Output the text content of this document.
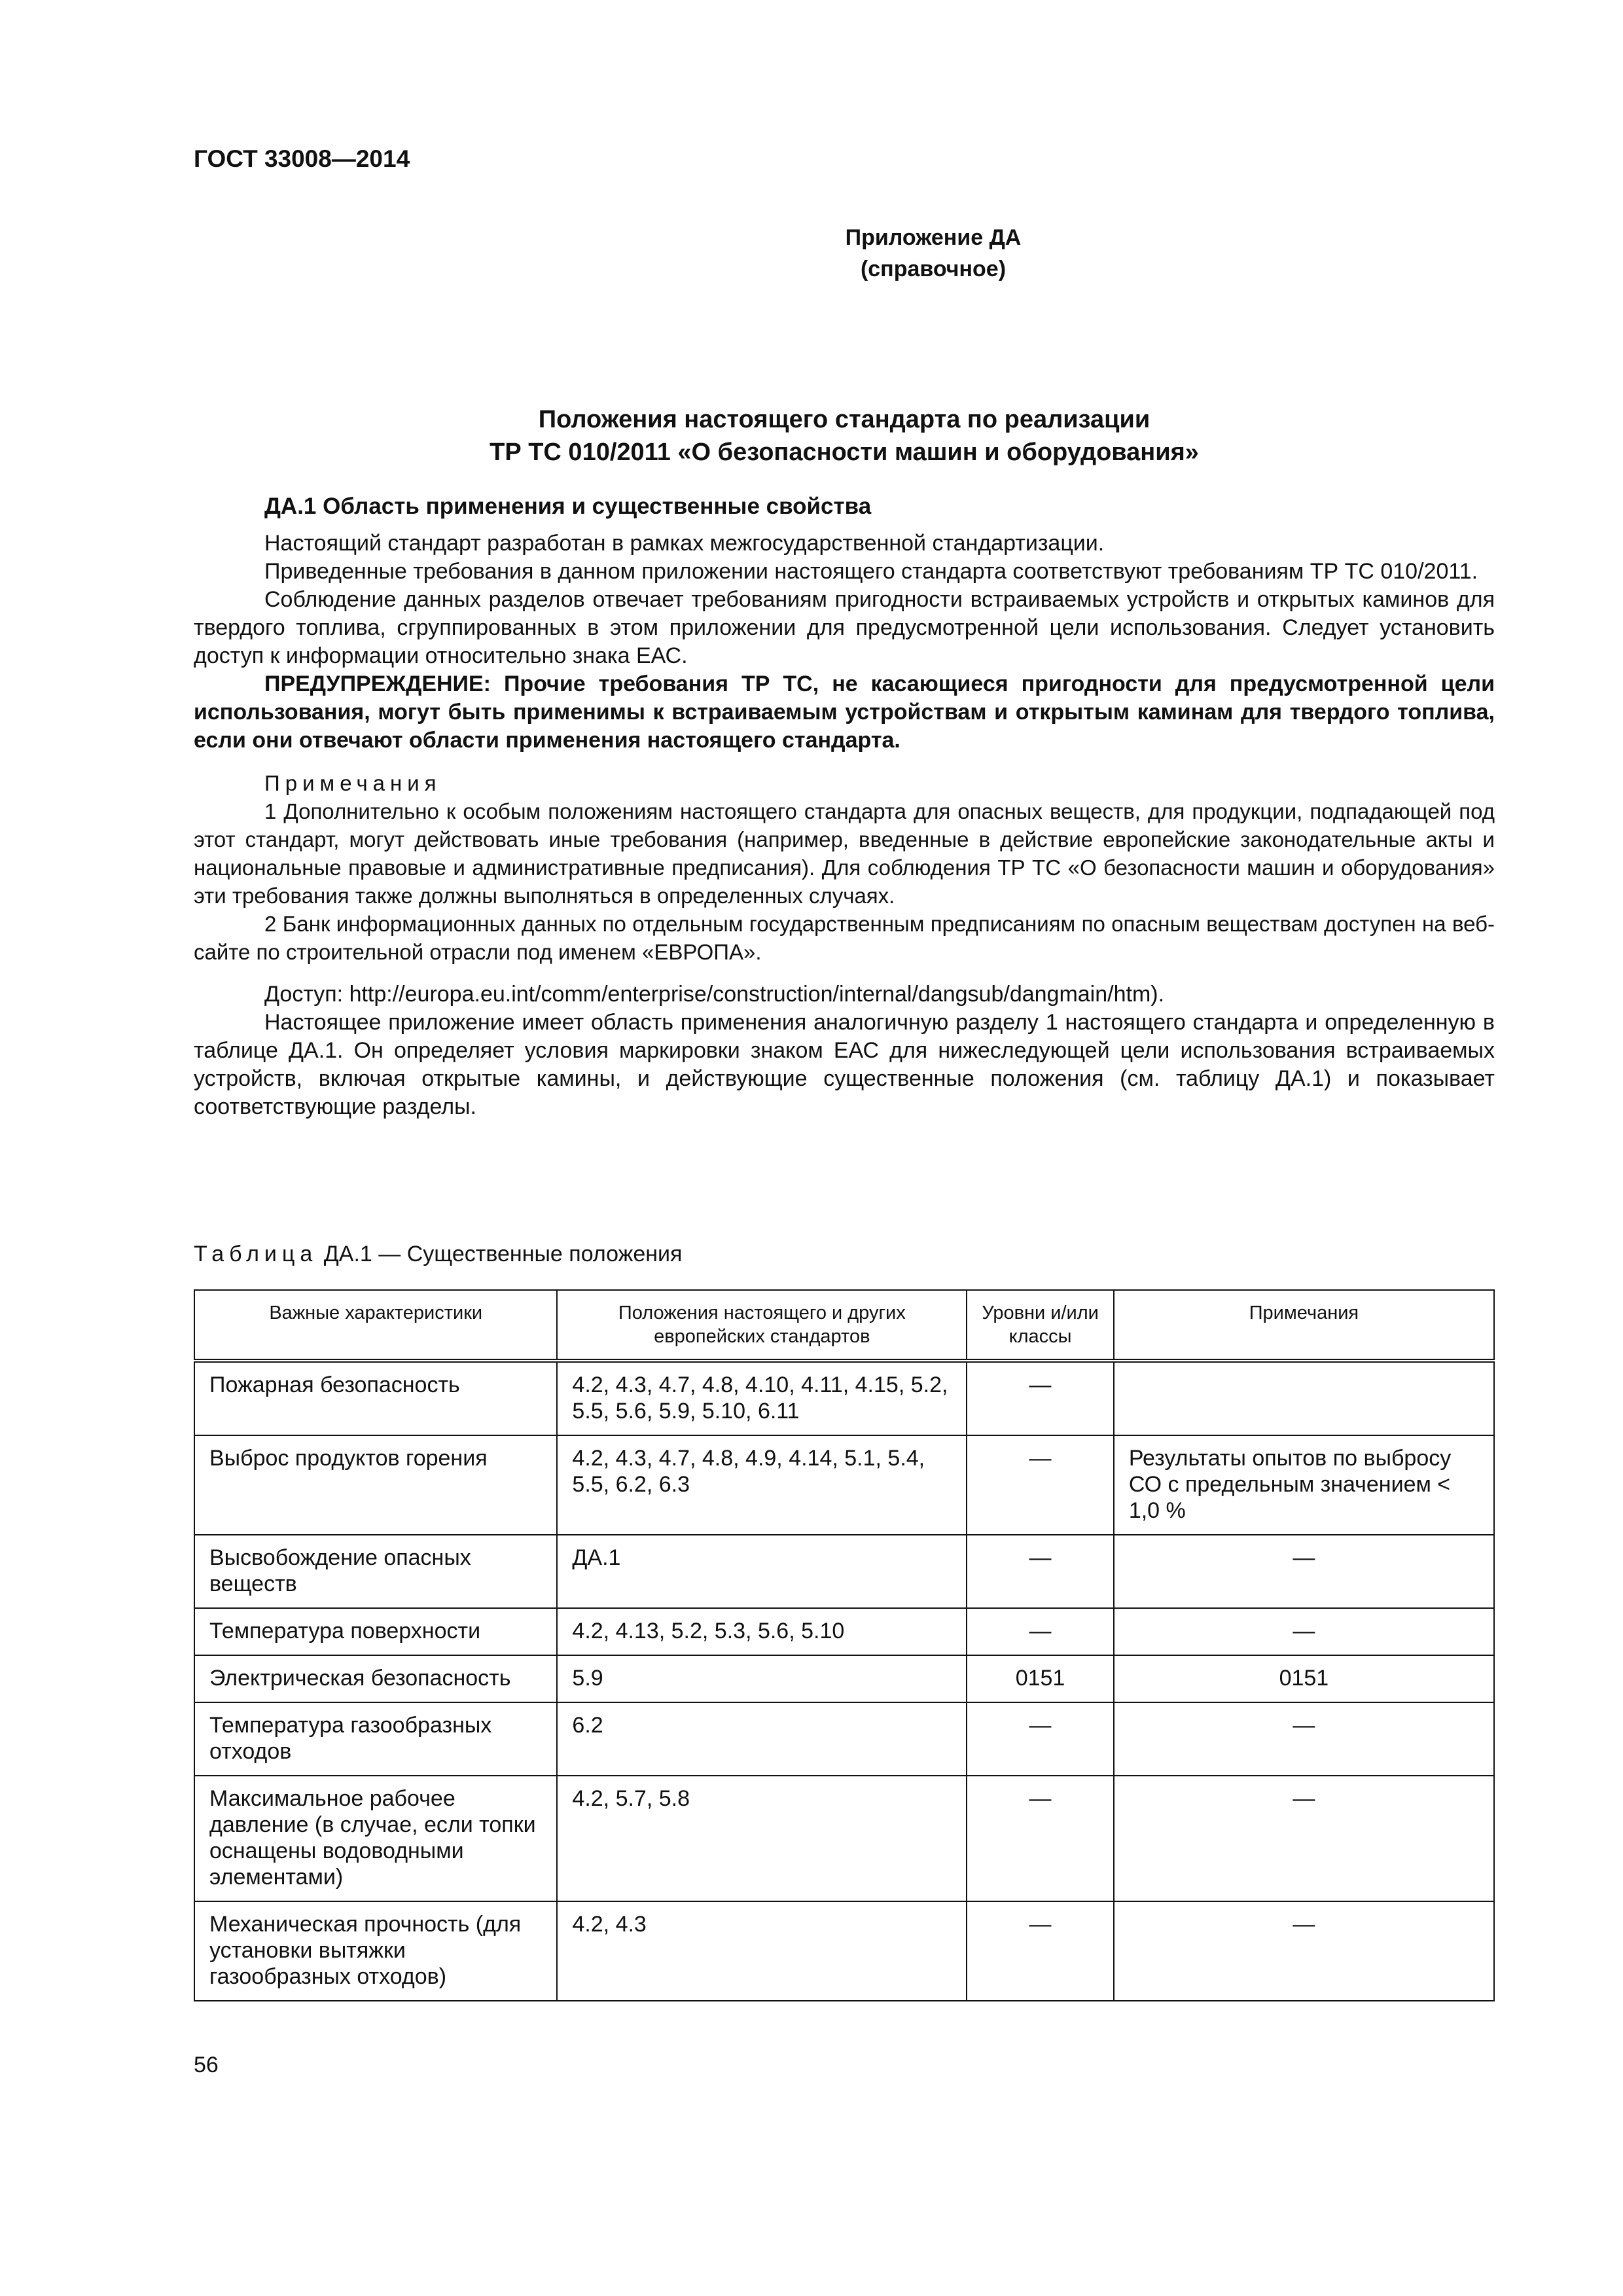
ГОСТ 33008—2014
Приложение ДА
(справочное)
Положения настоящего стандарта по реализации
ТР ТС 010/2011 «О безопасности машин и оборудования»
ДА.1 Область применения и существенные свойства

Настоящий стандарт разработан в рамках межгосударственной стандартизации.

Приведенные требования в данном приложении настоящего стандарта соответствуют требованиям ТР ТС 010/2011.

Соблюдение данных разделов отвечает требованиям пригодности встраиваемых устройств и открытых каминов для твердого топлива, сгруппированных в этом приложении для предусмотренной цели использования. Следует установить доступ к информации относительно знака ЕАС.

ПРЕДУПРЕЖДЕНИЕ: Прочие требования ТР ТС, не касающиеся пригодности для предусмотренной цели использования, могут быть применимы к встраиваемым устройствам и открытым каминам для твердого топлива, если они отвечают области применения настоящего стандарта.

Примечания

1 Дополнительно к особым положениям настоящего стандарта для опасных веществ, для продукции, подпадающей под этот стандарт, могут действовать иные требования (например, введенные в действие европейские законодательные акты и национальные правовые и административные предписания). Для соблюдения ТР ТС «О безопасности машин и оборудования» эти требования также должны выполняться в определенных случаях.

2 Банк информационных данных по отдельным государственным предписаниям по опасным веществам доступен на веб-сайте по строительной отрасли под именем «ЕВРОПА».

Доступ: http://europa.eu.int/comm/enterprise/construction/internal/dangsub/dangmain/htm).

Настоящее приложение имеет область применения аналогичную разделу 1 настоящего стандарта и определенную в таблице ДА.1. Он определяет условия маркировки знаком ЕАС для нижеследующей цели использования встраиваемых устройств, включая открытые камины, и действующие существенные положения (см. таблицу ДА.1) и показывает соответствующие разделы.

Таблица ДА.1 — Существенные положения
Важные характеристики	Положения настоящего и других европейских стандартов	Уровни и/или классы	Примечания
Пожарная безопасность	4.2, 4.3, 4.7, 4.8, 4.10, 4.11, 4.15, 5.2, 5.5, 5.6, 5.9, 5.10, 6.11	—	
Выброс продуктов горения	4.2, 4.3, 4.7, 4.8, 4.9, 4.14, 5.1, 5.4, 5.5, 6.2, 6.3	—	Результаты опытов по выбросу СО с предельным значением < 1,0 %
Высвобождение опасных веществ	ДА.1	—	—
Температура поверхности	4.2, 4.13, 5.2, 5.3, 5.6, 5.10	—	—
Электрическая безопасность	5.9	0151	0151
Температура газообразных отходов	6.2	—	—
Максимальное рабочее давление (в случае, если топки оснащены водоводными элементами)	4.2, 5.7, 5.8	—	—
Механическая прочность (для установки вытяжки газообразных отходов)	4.2, 4.3	—	—
56
